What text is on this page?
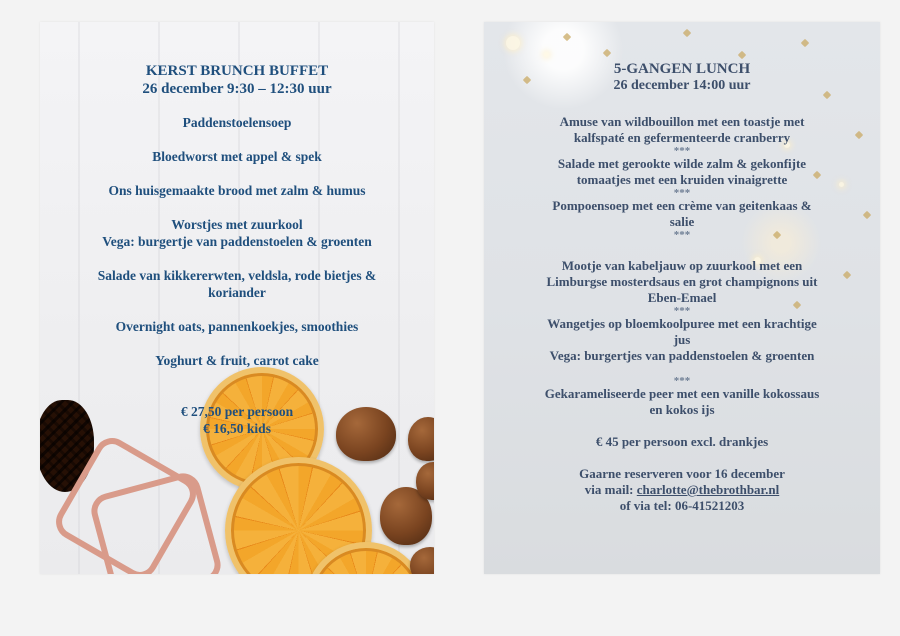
KERST BRUNCH BUFFET
26 december 9:30 – 12:30 uur
Paddenstoelensoep
Bloedworst met appel & spek
Ons huisgemaakte brood met zalm & humus
Worstjes met zuurkool
Vega: burgertje van paddenstoelen & groenten
Salade van kikkererwten, veldsla, rode bietjes &
koriander
Overnight oats, pannenkoekjes, smoothies
Yoghurt & fruit, carrot cake
€ 27,50 per persoon
€ 16,50 kids
5-GANGEN LUNCH
26 december 14:00 uur
Amuse van wildbouillon met een toastje met
kalfspaté en gefermenteerde cranberry
***
Salade met gerookte wilde zalm & gekonfijte
tomaatjes met een kruiden vinaigrette
***
Pompoensoep met een crème van geitenkaas &
salie
***
Mootje van kabeljauw op zuurkool met een
Limburgse mosterdsaus en grot champignons uit
Eben-Emael
***
Wangetjes op bloemkoolpuree met een krachtige
jus
Vega: burgertjes van paddenstoelen & groenten
***
Gekarameliseerde peer met een vanille kokossaus
en kokos ijs
€ 45 per persoon excl. drankjes
Gaarne reserveren voor 16 december
via mail: charlotte@thebrothbar.nl
of via tel: 06-41521203
